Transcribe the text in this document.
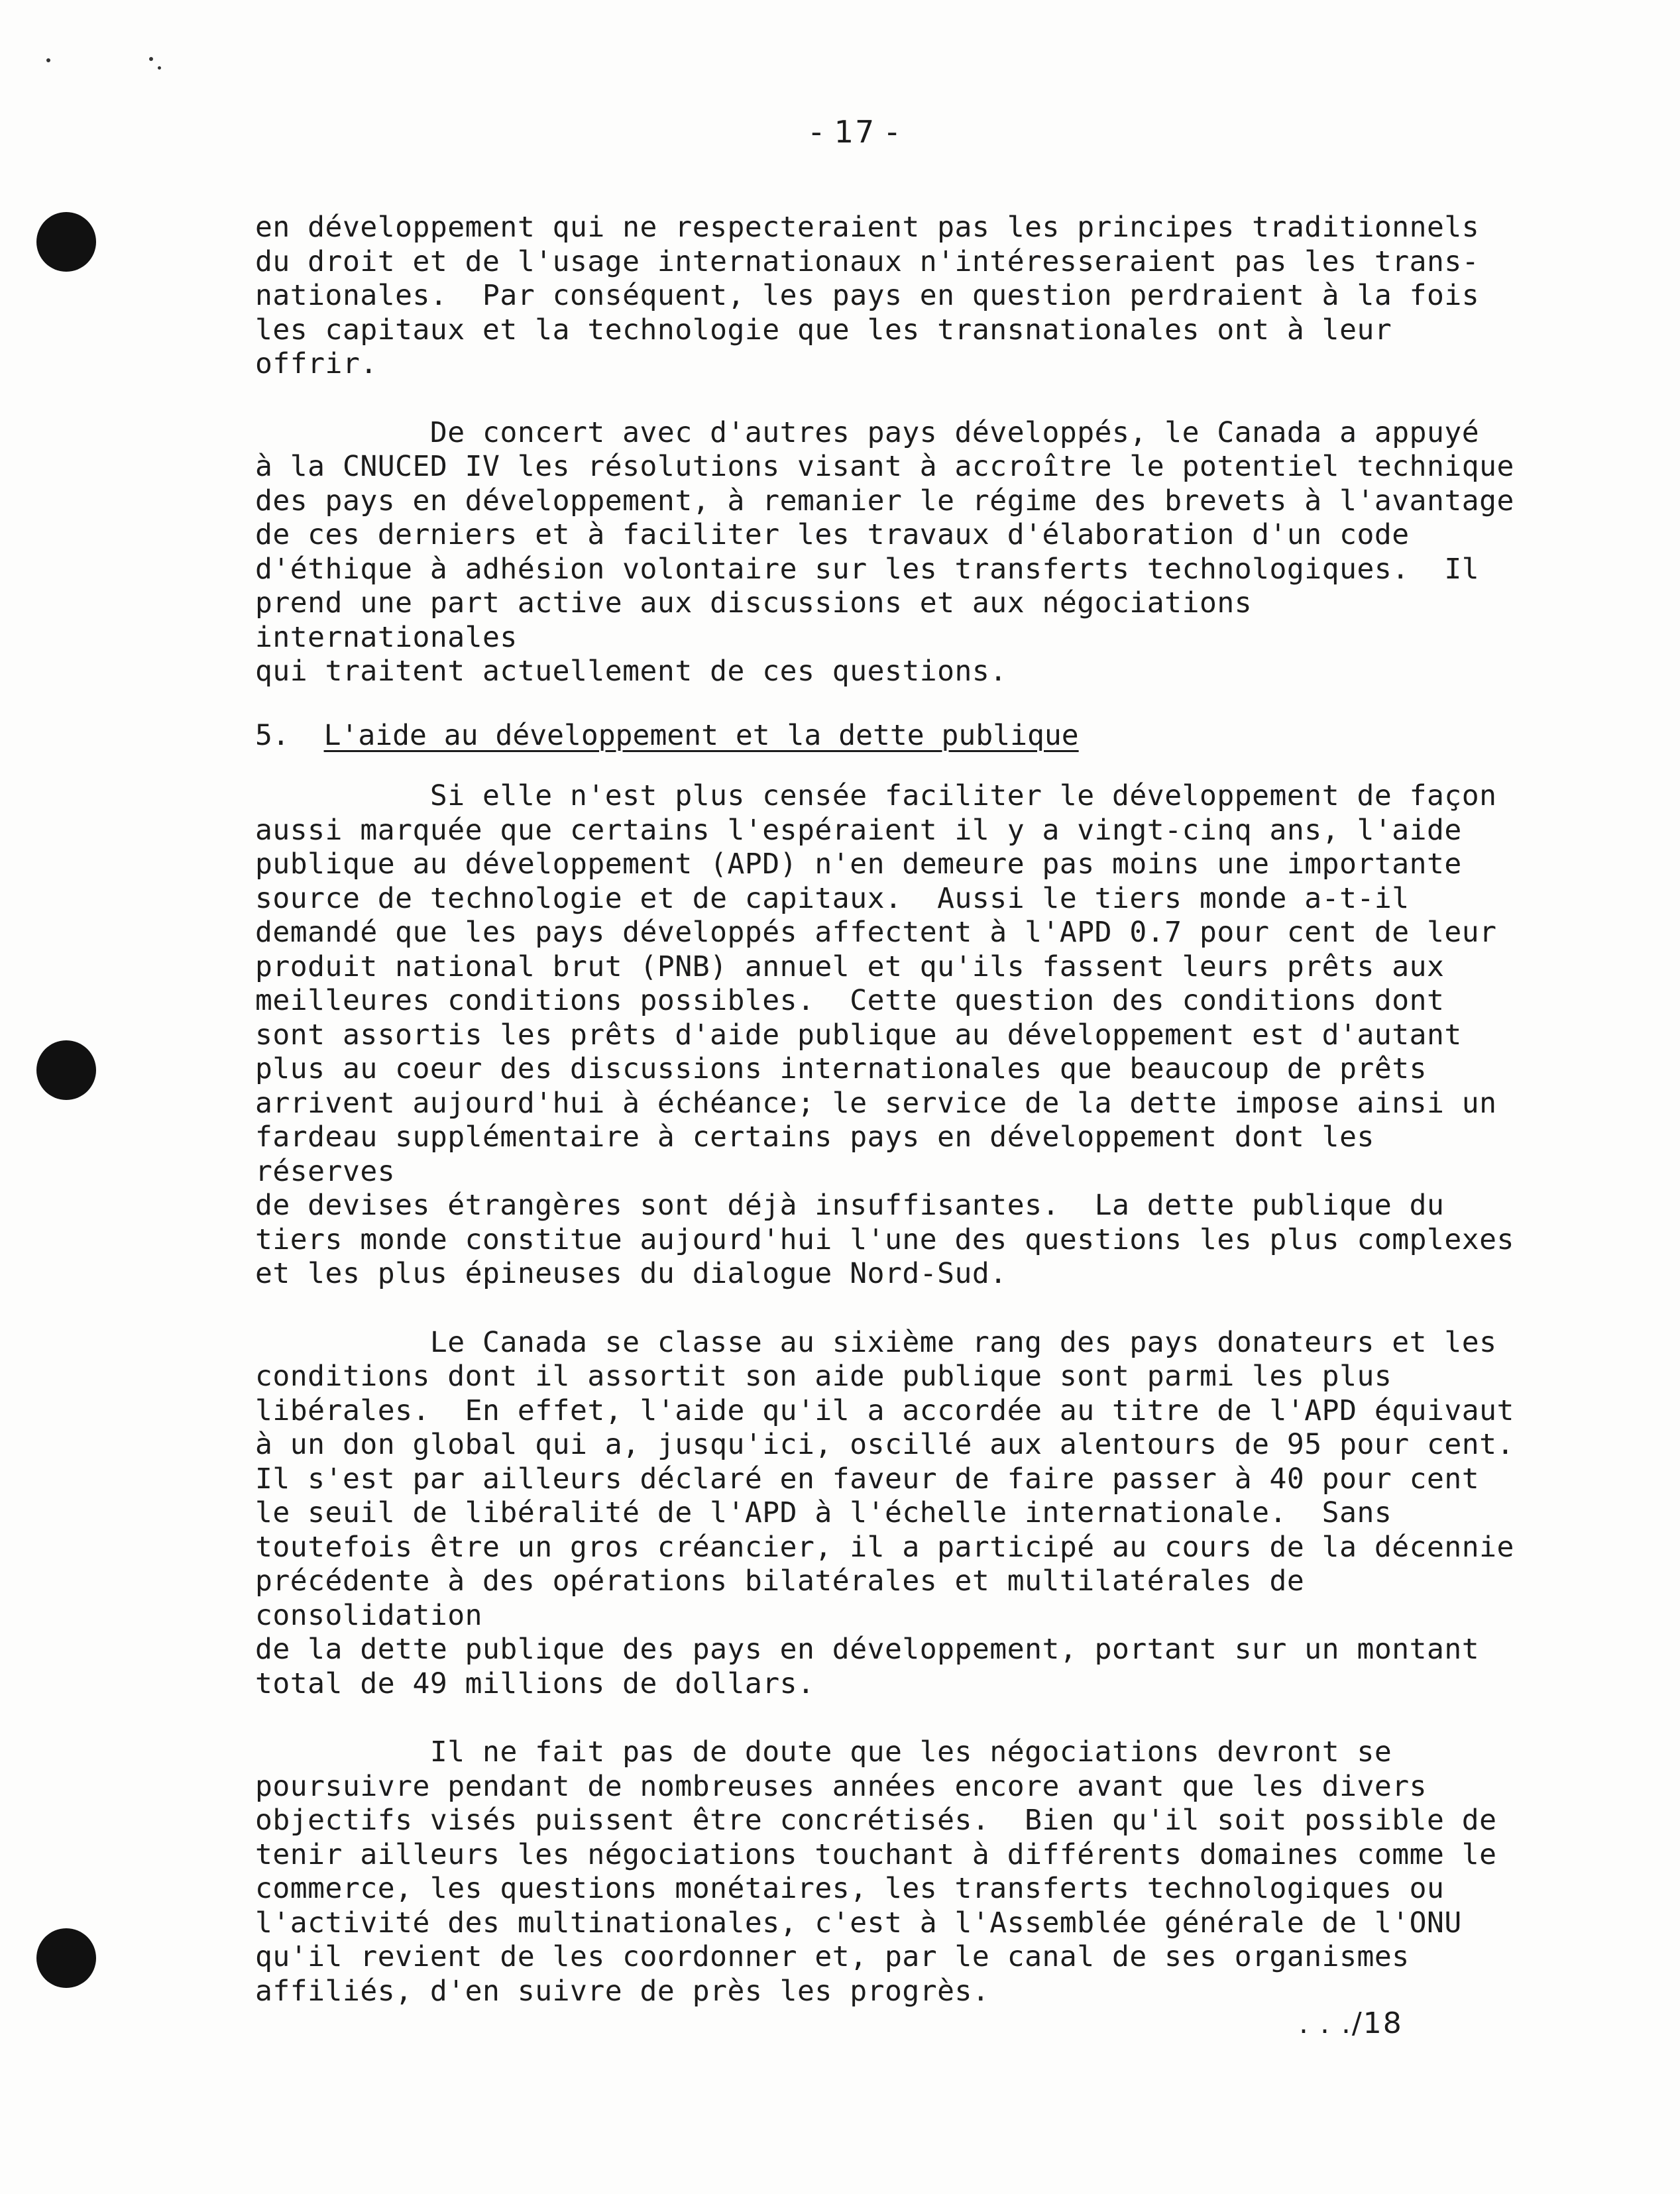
- 17 -

en développement qui ne respecteraient pas les principes traditionnels
du droit et de l'usage internationaux n'intéresseraient pas les trans-
nationales.  Par conséquent, les pays en question perdraient à la fois
les capitaux et la technologie que les transnationales ont à leur offrir.

De concert avec d'autres pays développés, le Canada a appuyé
à la CNUCED IV les résolutions visant à accroître le potentiel technique
des pays en développement, à remanier le régime des brevets à l'avantage
de ces derniers et à faciliter les travaux d'élaboration d'un code
d'éthique à adhésion volontaire sur les transferts technologiques.  Il
prend une part active aux discussions et aux négociations internationales
qui traitent actuellement de ces questions.

5. L'aide au développement et la dette publique

Si elle n'est plus censée faciliter le développement de façon
aussi marquée que certains l'espéraient il y a vingt-cinq ans, l'aide
publique au développement (APD) n'en demeure pas moins une importante
source de technologie et de capitaux.  Aussi le tiers monde a-t-il
demandé que les pays développés affectent à l'APD 0.7 pour cent de leur
produit national brut (PNB) annuel et qu'ils fassent leurs prêts aux
meilleures conditions possibles.  Cette question des conditions dont
sont assortis les prêts d'aide publique au développement est d'autant
plus au coeur des discussions internationales que beaucoup de prêts
arrivent aujourd'hui à échéance; le service de la dette impose ainsi un
fardeau supplémentaire à certains pays en développement dont les réserves
de devises étrangères sont déjà insuffisantes.  La dette publique du
tiers monde constitue aujourd'hui l'une des questions les plus complexes
et les plus épineuses du dialogue Nord-Sud.

Le Canada se classe au sixième rang des pays donateurs et les
conditions dont il assortit son aide publique sont parmi les plus
libérales.  En effet, l'aide qu'il a accordée au titre de l'APD équivaut
à un don global qui a, jusqu'ici, oscillé aux alentours de 95 pour cent.
Il s'est par ailleurs déclaré en faveur de faire passer à 40 pour cent
le seuil de libéralité de l'APD à l'échelle internationale.  Sans
toutefois être un gros créancier, il a participé au cours de la décennie
précédente à des opérations bilatérales et multilatérales de consolidation
de la dette publique des pays en développement, portant sur un montant
total de 49 millions de dollars.

Il ne fait pas de doute que les négociations devront se
poursuivre pendant de nombreuses années encore avant que les divers
objectifs visés puissent être concrétisés.  Bien qu'il soit possible de
tenir ailleurs les négociations touchant à différents domaines comme le
commerce, les questions monétaires, les transferts technologiques ou
l'activité des multinationales, c'est à l'Assemblée générale de l'ONU
qu'il revient de les coordonner et, par le canal de ses organismes
affiliés, d'en suivre de près les progrès.

. . ./18
